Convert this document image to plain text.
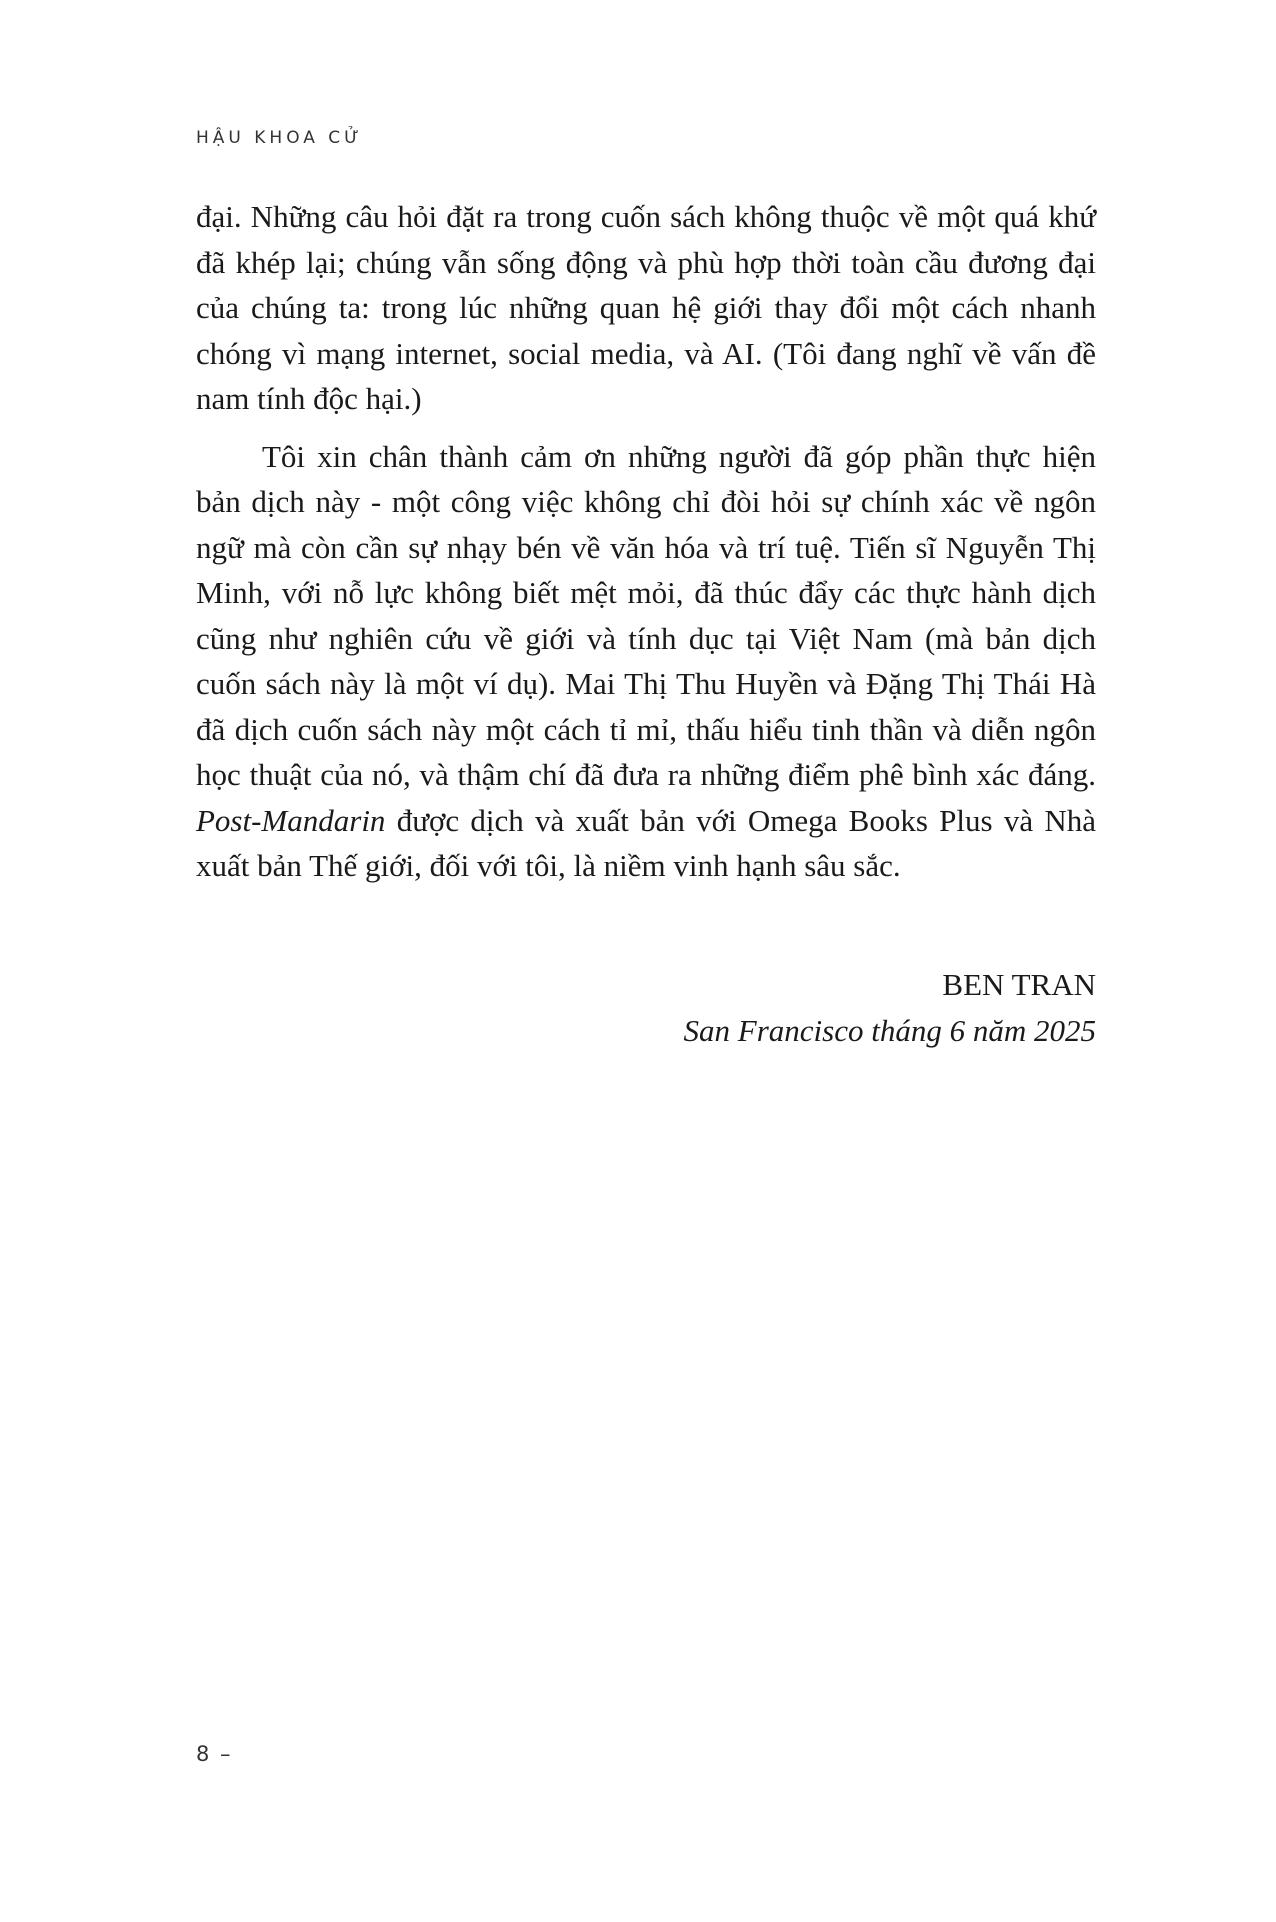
HẬU KHOA CỬ

đại. Những câu hỏi đặt ra trong cuốn sách không thuộc về một quá khứ đã khép lại; chúng vẫn sống động và phù hợp thời toàn cầu đương đại của chúng ta: trong lúc những quan hệ giới thay đổi một cách nhanh chóng vì mạng internet, social media, và AI. (Tôi đang nghĩ về vấn đề nam tính độc hại.)

Tôi xin chân thành cảm ơn những người đã góp phần thực hiện bản dịch này - một công việc không chỉ đòi hỏi sự chính xác về ngôn ngữ mà còn cần sự nhạy bén về văn hóa và trí tuệ. Tiến sĩ Nguyễn Thị Minh, với nỗ lực không biết mệt mỏi, đã thúc đẩy các thực hành dịch cũng như nghiên cứu về giới và tính dục tại Việt Nam (mà bản dịch cuốn sách này là một ví dụ). Mai Thị Thu Huyền và Đặng Thị Thái Hà đã dịch cuốn sách này một cách tỉ mỉ, thấu hiểu tinh thần và diễn ngôn học thuật của nó, và thậm chí đã đưa ra những điểm phê bình xác đáng. Post-Mandarin được dịch và xuất bản với Omega Books Plus và Nhà xuất bản Thế giới, đối với tôi, là niềm vinh hạnh sâu sắc.

BEN TRAN
San Francisco tháng 6 năm 2025
8 –
